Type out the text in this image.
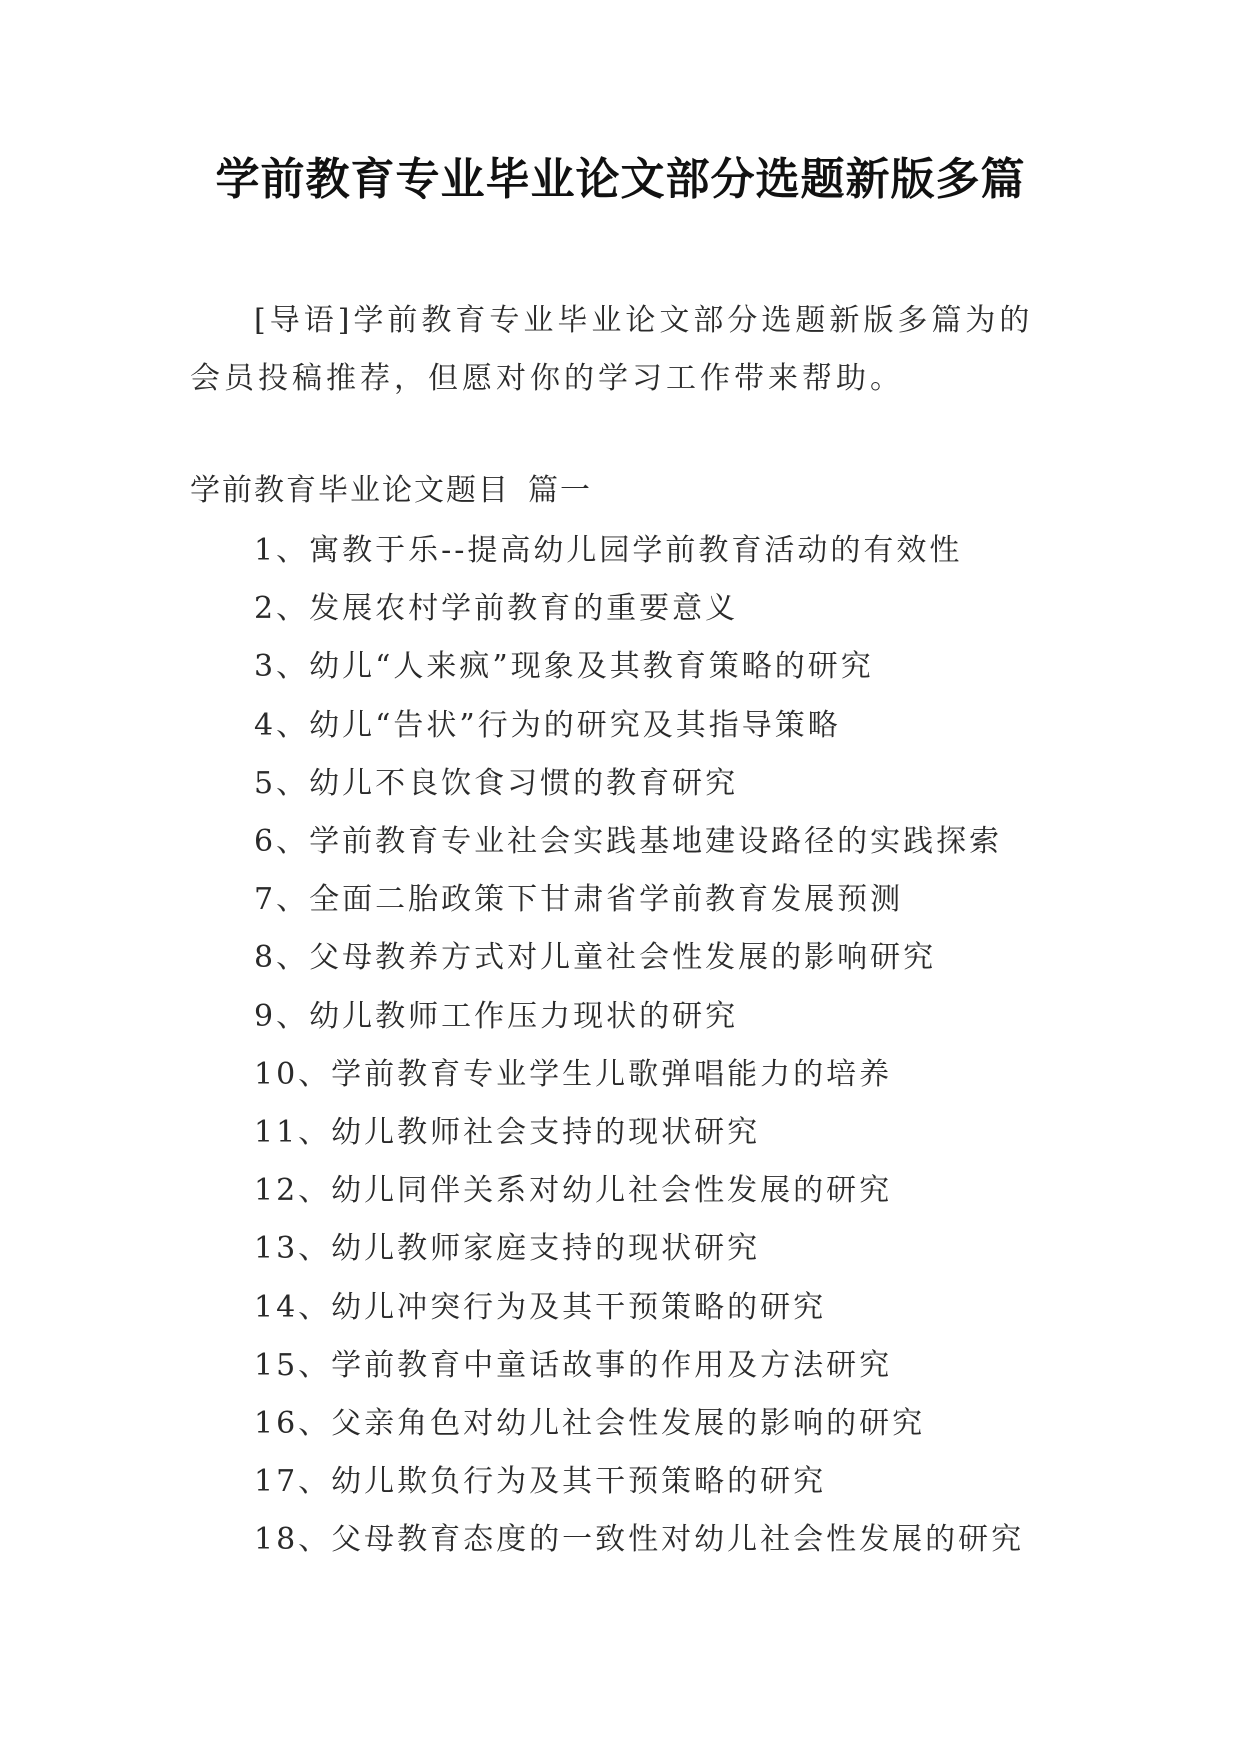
学前教育专业毕业论文部分选题新版多篇

[导语]学前教育专业毕业论文部分选题新版多篇为的会员投稿推荐，但愿对你的学习工作带来帮助。

学前教育毕业论文题目 篇一
1、寓教于乐--提高幼儿园学前教育活动的有效性
2、发展农村学前教育的重要意义
3、幼儿“人来疯”现象及其教育策略的研究
4、幼儿“告状”行为的研究及其指导策略
5、幼儿不良饮食习惯的教育研究
6、学前教育专业社会实践基地建设路径的实践探索
7、全面二胎政策下甘肃省学前教育发展预测
8、父母教养方式对儿童社会性发展的影响研究
9、幼儿教师工作压力现状的研究
10、学前教育专业学生儿歌弹唱能力的培养
11、幼儿教师社会支持的现状研究
12、幼儿同伴关系对幼儿社会性发展的研究
13、幼儿教师家庭支持的现状研究
14、幼儿冲突行为及其干预策略的研究
15、学前教育中童话故事的作用及方法研究
16、父亲角色对幼儿社会性发展的影响的研究
17、幼儿欺负行为及其干预策略的研究
18、父母教育态度的一致性对幼儿社会性发展的研究
